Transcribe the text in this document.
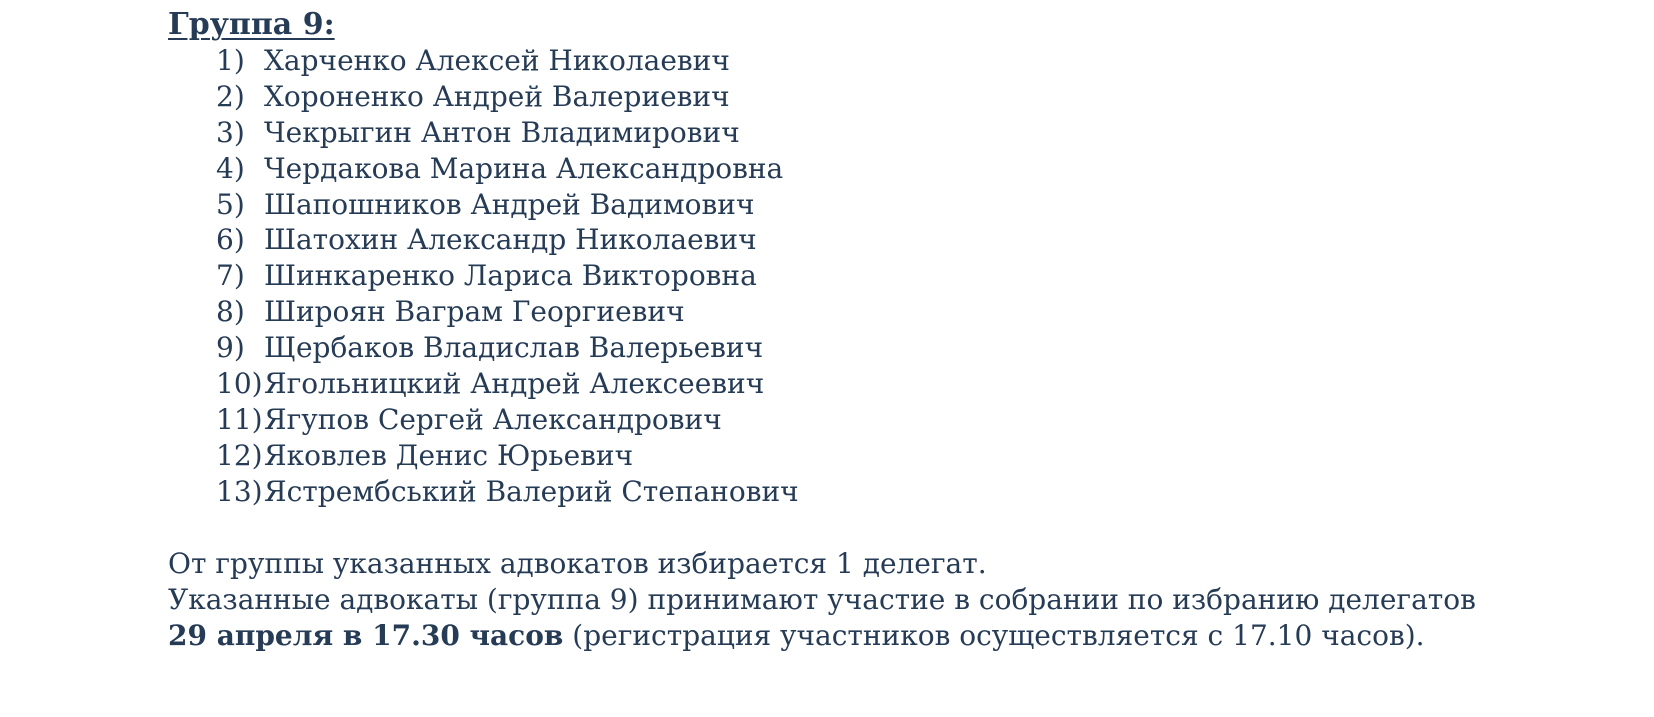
Группа 9:
1) Харченко Алексей Николаевич
2) Хороненко Андрей Валериевич
3) Чекрыгин Антон Владимирович
4) Чердакова Марина Александровна
5) Шапошников Андрей Вадимович
6) Шатохин Александр Николаевич
7) Шинкаренко Лариса Викторовна
8) Широян Ваграм Георгиевич
9) Щербаков Владислав Валерьевич
10) Ягольницкий Андрей Алексеевич
11) Ягупов Сергей Александрович
12) Яковлев Денис Юрьевич
13) Ястрембський Валерий Степанович

От группы указанных адвокатов избирается 1 делегат.

Указанные адвокаты (группа 9) принимают участие в собрании по избранию делегатов

29 апреля в 17.30 часов (регистрация участников осуществляется с 17.10 часов).
